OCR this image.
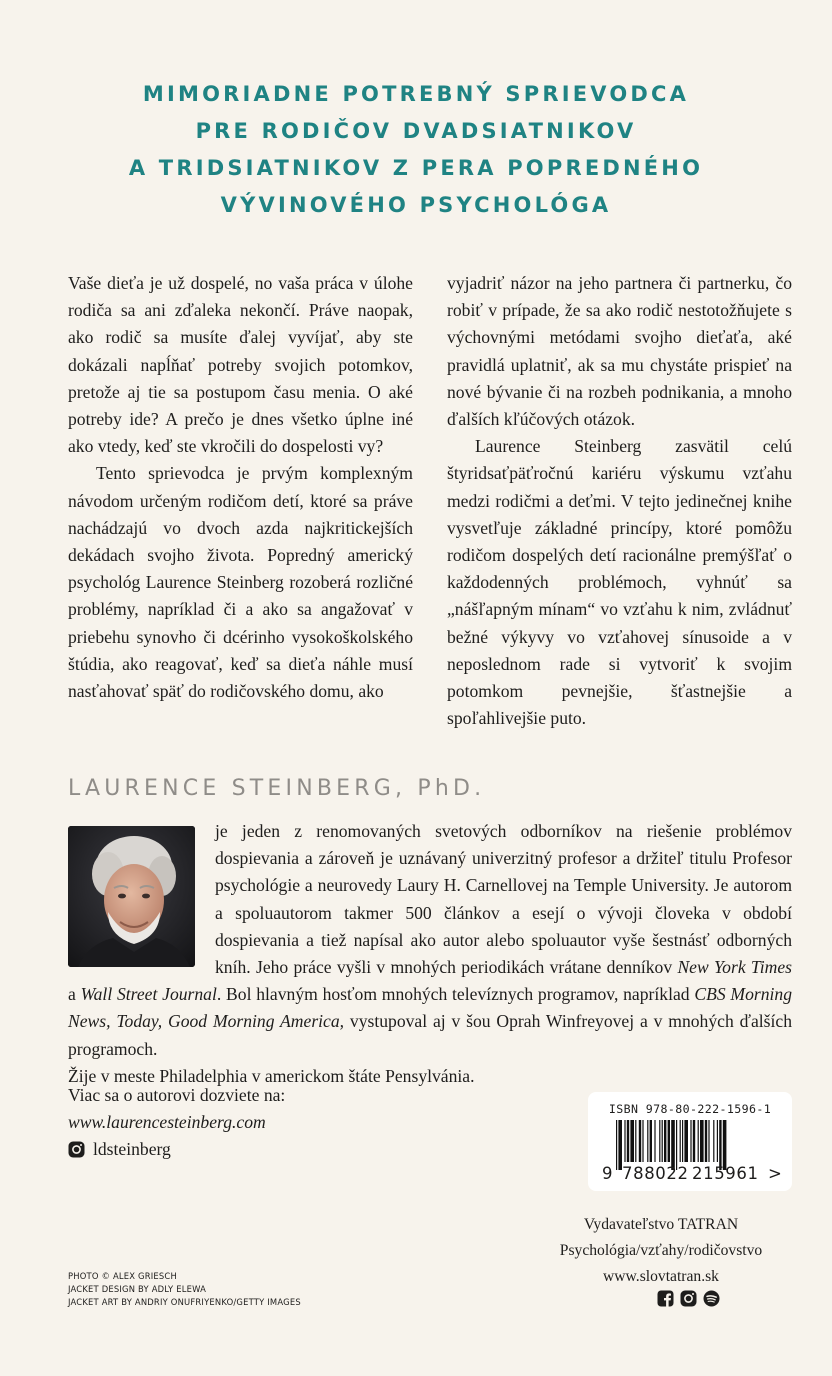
MIMORIADNE POTREBNÝ SPRIEVODCA
PRE RODIČOV DVADSIATNIKOV
A TRIDSIATNIKOV Z PERA POPREDNÉHO
VÝVINOVÉHO PSYCHOLÓGA

Vaše dieťa je už dospelé, no vaša práca v úlohe rodiča sa ani zďaleka nekončí. Práve naopak, ako rodič sa musíte ďalej vyvíjať, aby ste dokázali napĺňať potreby svojich potomkov, pretože aj tie sa postupom času menia. O aké potreby ide? A prečo je dnes všetko úplne iné ako vtedy, keď ste vkročili do dospelosti vy?

Tento sprievodca je prvým komplexným návodom určeným rodičom detí, ktoré sa práve nachádzajú vo dvoch azda najkritickejších dekádach svojho života. Popredný americký psychológ Laurence Steinberg rozoberá rozličné problémy, napríklad či a ako sa angažovať v priebehu synovho či dcérinho vysokoškolského štúdia, ako reagovať, keď sa dieťa náhle musí nasťahovať späť do rodičovského domu, ako

vyjadriť názor na jeho partnera či partnerku, čo robiť v prípade, že sa ako rodič nestotožňujete s výchovnými metódami svojho dieťaťa, aké pravidlá uplatniť, ak sa mu chystáte prispieť na nové bývanie či na rozbeh podnikania, a mnoho ďalších kľúčových otázok.

Laurence Steinberg zasvätil celú štyridsaťpäťročnú kariéru výskumu vzťahu medzi rodičmi a deťmi. V tejto jedinečnej knihe vysvetľuje základné princípy, ktoré pomôžu rodičom dospelých detí racionálne premýšľať o každodenných problémoch, vyhnúť sa „nášľapným mínam“ vo vzťahu k nim, zvládnuť bežné výkyvy vo vzťahovej sínusoide a v neposlednom rade si vytvoriť k svojim potomkom pevnejšie, šťastnejšie a spoľahlivejšie puto.

LAURENCE STEINBERG, PhD.
je jeden z renomovaných svetových odborníkov na riešenie problémov dospievania a zároveň je uznávaný univerzitný profesor a držiteľ titulu Profesor psychológie a neurovedy Laury H. Carnellovej na Temple University. Je autorom a spoluautorom takmer 500 článkov a esejí o vývoji človeka v období dospievania a tiež napísal ako autor alebo spoluautor vyše šestnásť odborných kníh. Jeho práce vyšli v mnohých periodikách vrátane denníkov New York Times a Wall Street Journal. Bol hlavným hosťom mnohých televíznych programov, napríklad CBS Morning News, Today, Good Morning America, vystupoval aj v šou Oprah Winfreyovej a v mnohých ďalších programoch.
Žije v meste Philadelphia v americkom štáte Pensylvánia.
Viac sa o autorovi dozviete na:
www.laurencesteinberg.com
ldsteinberg
PHOTO © ALEX GRIESCH
JACKET DESIGN BY ADLY ELEWA
JACKET ART BY ANDRIY ONUFRIYENKO/GETTY IMAGES
ISBN 978-80-222-1596-1
9 788022 215961 >
Vydavateľstvo TATRAN
Psychológia/vzťahy/rodičovstvo
www.slovtatran.sk
